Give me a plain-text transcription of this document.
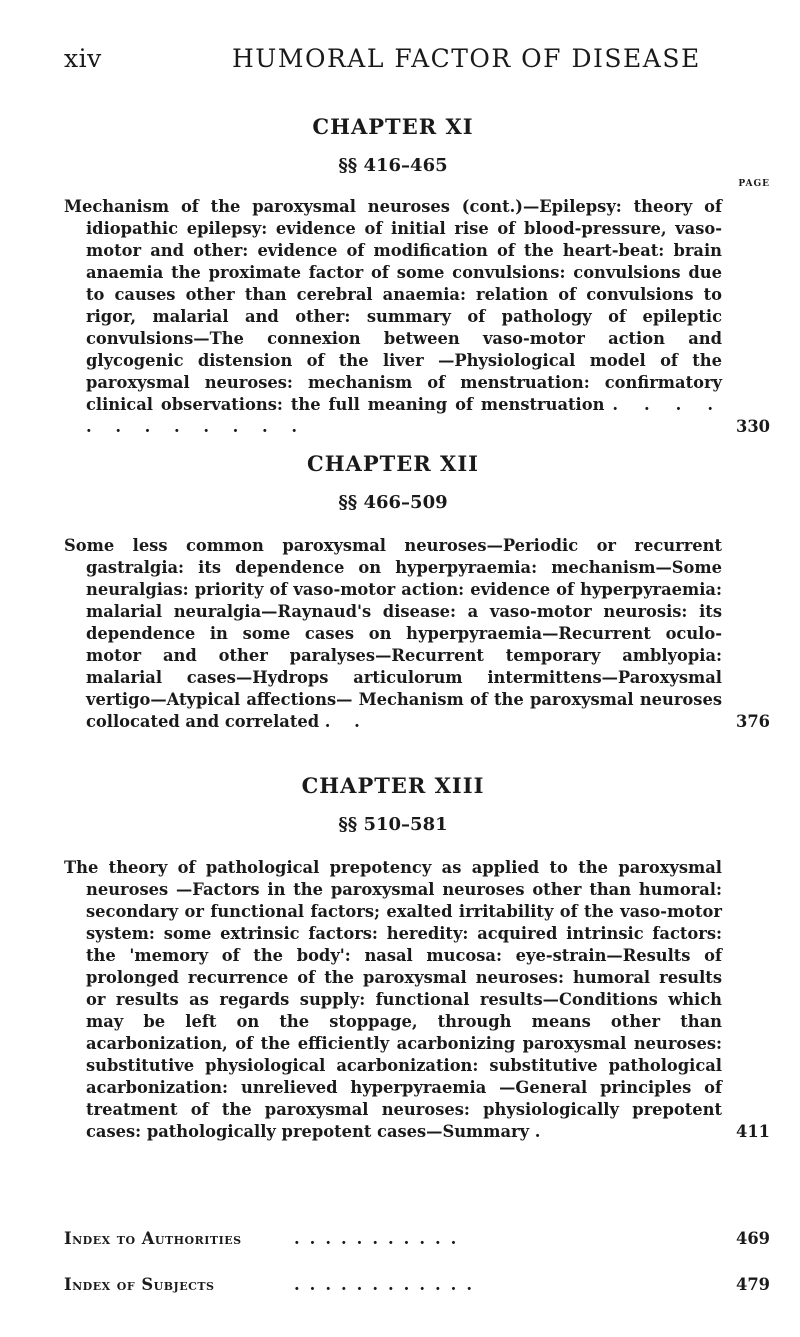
xiv	HUMORAL FACTOR OF DISEASE
CHAPTER XI
§§ 416–465
PAGE

Mechanism of the paroxysmal neuroses (cont.)—Epilepsy: theory of idiopathic epilepsy: evidence of initial rise of blood-pressure, vaso-motor and other: evidence of modification of the heart-beat: brain anaemia the proximate factor of some convulsions: convulsions due to causes other than cerebral anaemia: relation of convulsions to rigor, malarial and other: summary of pathology of epileptic convulsions—The connexion between vaso-motor action and glycogenic distension of the liver —Physiological model of the paroxysmal neuroses: mechanism of menstruation: confirmatory clinical observations: the full meaning of menstruation . . . . . . . . . . . .	330

CHAPTER XII
§§ 466–509

Some less common paroxysmal neuroses—Periodic or recurrent gastralgia: its dependence on hyperpyraemia: mechanism—Some neuralgias: priority of vaso-motor action: evidence of hyperpyraemia: malarial neuralgia—Raynaud's disease: a vaso-motor neurosis: its dependence in some cases on hyperpyraemia—Recurrent oculo-motor and other paralyses—Recurrent temporary amblyopia: malarial cases—Hydrops articulorum intermittens—Paroxysmal vertigo—Atypical affections— Mechanism of the paroxysmal neuroses collocated and correlated . .	376

CHAPTER XIII
§§ 510–581

The theory of pathological prepotency as applied to the paroxysmal neuroses —Factors in the paroxysmal neuroses other than humoral: secondary or functional factors; exalted irritability of the vaso-motor system: some extrinsic factors: heredity: acquired intrinsic factors: the 'memory of the body': nasal mucosa: eye-strain—Results of prolonged recurrence of the paroxysmal neuroses: humoral results or results as regards supply: functional results—Conditions which may be left on the stoppage, through means other than acarbonization, of the efficiently acarbonizing paroxysmal neuroses: substitutive physiological acarbonization: substitutive pathological acarbonization: unrelieved hyperpyraemia —General principles of treatment of the paroxysmal neuroses: physiologically prepotent cases: pathologically prepotent cases—Summary .	411

Index to Authorities	...........	469
Index of Subjects	............	479
